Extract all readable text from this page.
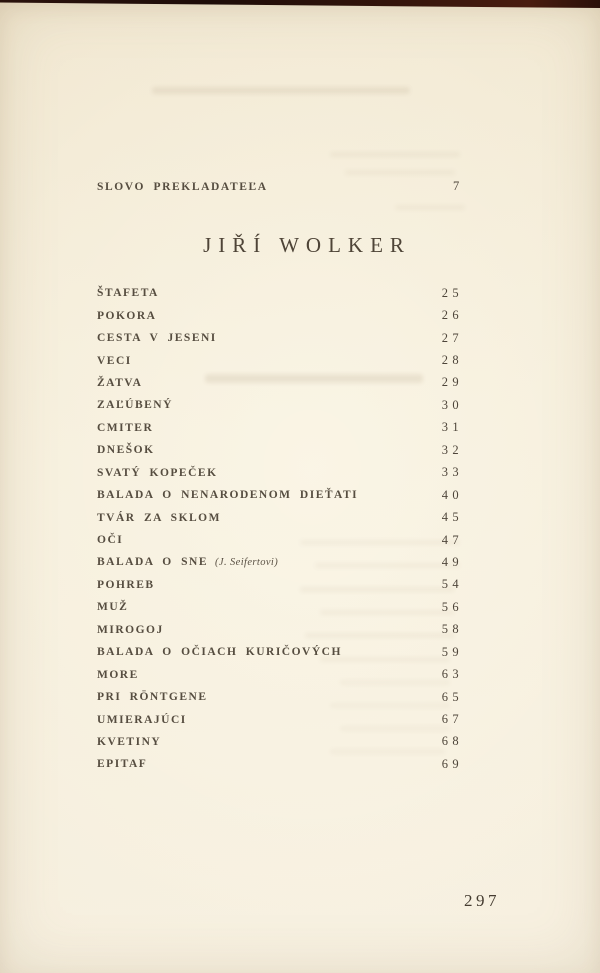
SLOVO PREKLADATEĽA	7
JIŘÍ WOLKER
ŠTAFETA	25
POKORA	26
CESTA V JESENI	27
VECI	28
ŽATVA	29
ZAĽÚBENÝ	30
CMITER	31
DNEŠOK	32
SVATÝ KOPEČEK	33
BALADA O NENARODENOM DIEŤATI	40
TVÁR ZA SKLOM	45
OČI	47
BALADA O SNE (J. Seifertovi)	49
POHREB	54
MUŽ	56
MIROGOJ	58
BALADA O OČIACH KURIČOVÝCH	59
MORE	63
PRI RÖNTGENE	65
UMIERAJÚCI	67
KVETINY	68
EPITAF	69
297
